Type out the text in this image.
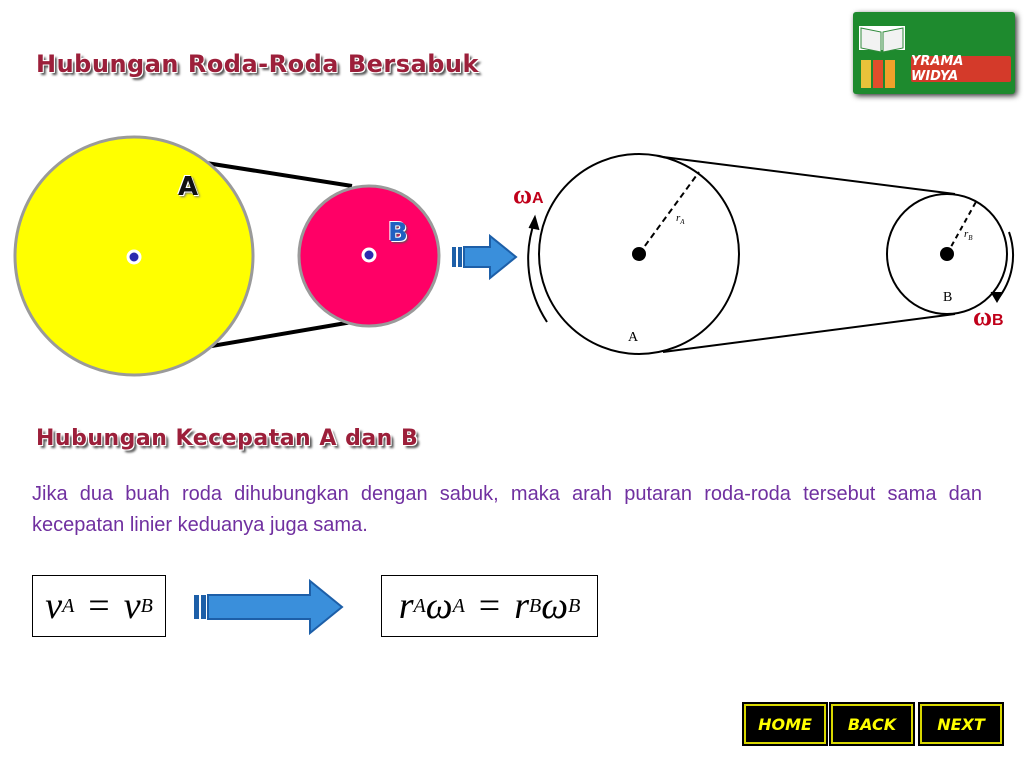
Hubungan Roda-Roda Bersabuk	YRAMA WIDYA
A
B
ωA
ωB
A
B
$r_A$
$r_B$
Hubungan Kecepatan A dan B
Jika dua buah roda dihubungkan dengan sabuk, maka arah putaran roda-roda tersebut sama dan kecepatan linier keduanya juga sama.
v A = v B	r A ω A = r B ω B
HOME	BACK	NEXT
